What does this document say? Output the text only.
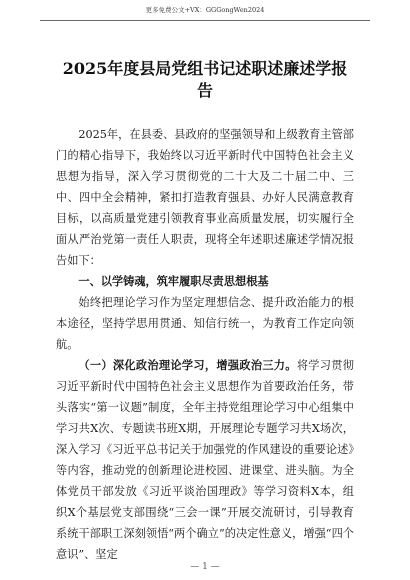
更多免费公文+VX：GGGongWen2024
2025年度县局党组书记述职述廉述学报告

2025年，在县委、县政府的坚强领导和上级教育主管部门的精心指导下，我始终以习近平新时代中国特色社会主义思想为指导，深入学习贯彻党的二十大及二十届二中、三中、四中全会精神，紧扣打造教育强县、办好人民满意教育目标，以高质量党建引领教育事业高质量发展，切实履行全面从严治党第一责任人职责，现将全年述职述廉述学情况报告如下：

一、以学铸魂，筑牢履职尽责思想根基

始终把理论学习作为坚定理想信念、提升政治能力的根本途径，坚持学思用贯通、知信行统一，为教育工作定向领航。

（一）深化政治理论学习，增强政治三力。将学习贯彻习近平新时代中国特色社会主义思想作为首要政治任务，带头落实“第一议题”制度，全年主持党组理论学习中心组集中学习共X次、专题读书班X期，开展理论专题学习共X场次，深入学习《习近平总书记关于加强党的作风建设的重要论述》等内容，推动党的创新理论进校园、进课堂、进头脑。为全体党员干部发放《习近平谈治国理政》等学习资料X本，组织X个基层党支部围绕“三会一课”开展交流研讨，引导教育系统干部职工深刻领悟“两个确立”的决定性意义，增强“四个意识”、坚定

— 1 —
